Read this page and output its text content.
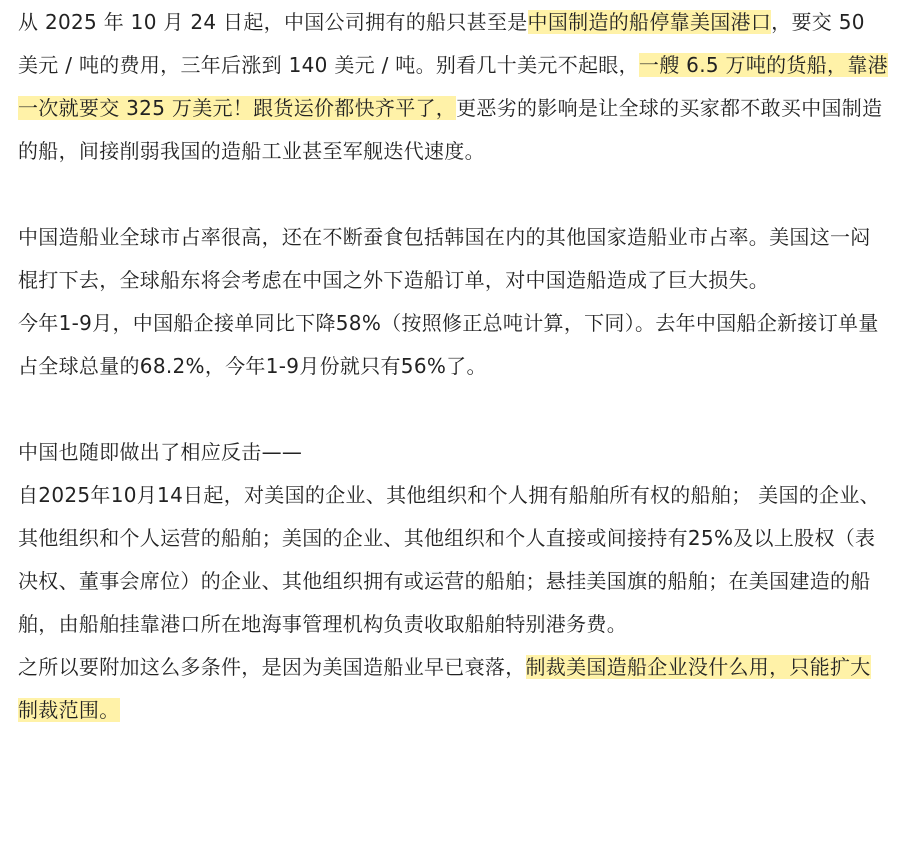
从 2025 年 10 月 24 日起，中国公司拥有的船只甚至是中国制造的船停靠美国港口，要交 50 美元 / 吨的费用，三年后涨到 140 美元 / 吨。别看几十美元不起眼，一艘 6.5 万吨的货船，靠港一次就要交 325 万美元！跟货运价都快齐平了，更恶劣的影响是让全球的买家都不敢买中国制造的船，间接削弱我国的造船工业甚至军舰迭代速度。

中国造船业全球市占率很高，还在不断蚕食包括韩国在内的其他国家造船业市占率。美国这一闷棍打下去，全球船东将会考虑在中国之外下造船订单，对中国造船造成了巨大损失。

今年1-9月，中国船企接单同比下降58%（按照修正总吨计算，下同）。去年中国船企新接订单量占全球总量的68.2%，今年1-9月份就只有56%了。

中国也随即做出了相应反击——

自2025年10月14日起，对美国的企业、其他组织和个人拥有船舶所有权的船舶； 美国的企业、其他组织和个人运营的船舶；美国的企业、其他组织和个人直接或间接持有25%及以上股权（表决权、董事会席位）的企业、其他组织拥有或运营的船舶；悬挂美国旗的船舶；在美国建造的船舶，由船舶挂靠港口所在地海事管理机构负责收取船舶特别港务费。

之所以要附加这么多条件，是因为美国造船业早已衰落，制裁美国造船企业没什么用，只能扩大制裁范围。
